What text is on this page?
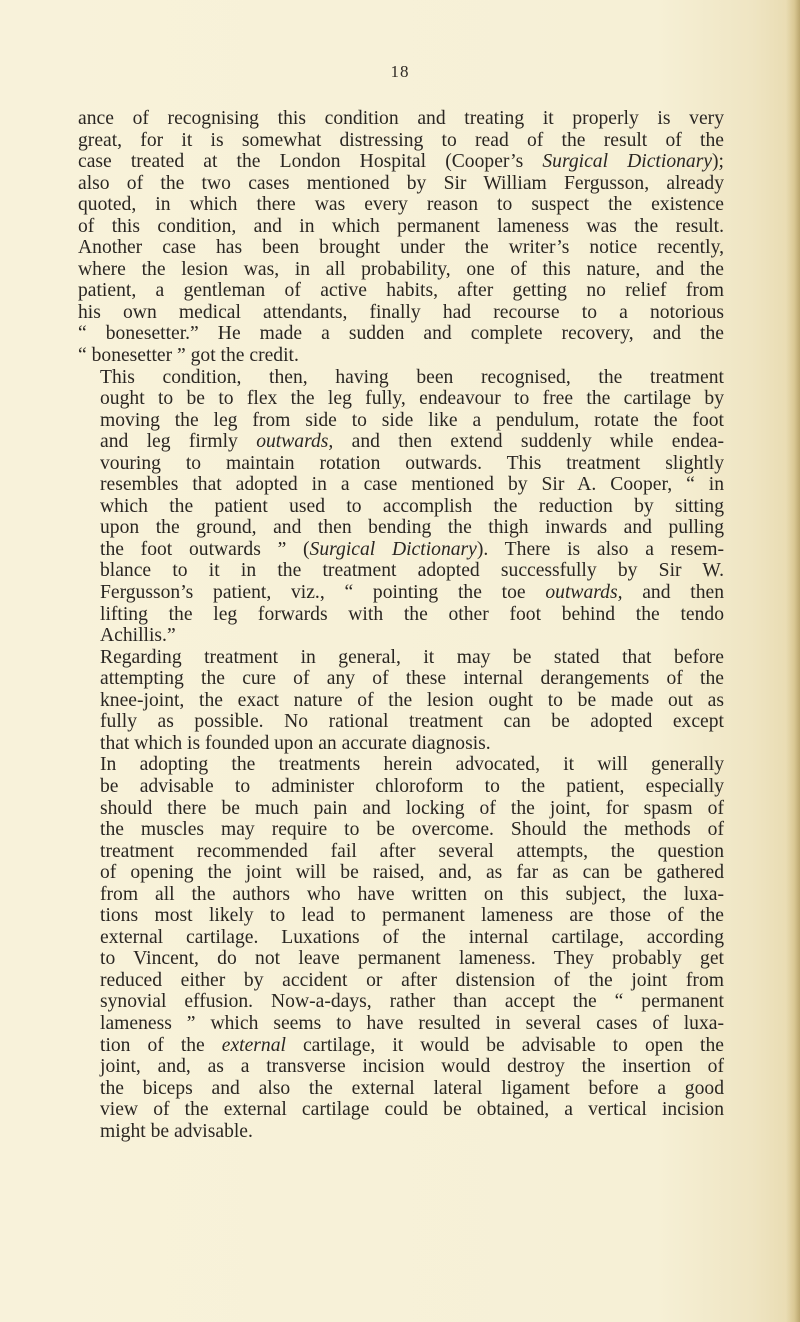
18

ance of recognising this condition and treating it properly is very
great, for it is somewhat distressing to read of the result of the
case treated at the London Hospital (Cooper’s Surgical Dictionary);
also of the two cases mentioned by Sir William Fergusson, already
quoted, in which there was every reason to suspect the existence
of this condition, and in which permanent lameness was the result.
Another case has been brought under the writer’s notice recently,
where the lesion was, in all probability, one of this nature, and the
patient, a gentleman of active habits, after getting no relief from
his own medical attendants, finally had recourse to a notorious
“ bonesetter.” He made a sudden and complete recovery, and the
“ bonesetter ” got the credit.

This condition, then, having been recognised, the treatment
ought to be to flex the leg fully, endeavour to free the cartilage by
moving the leg from side to side like a pendulum, rotate the foot
and leg firmly outwards, and then extend suddenly while endea-
vouring to maintain rotation outwards. This treatment slightly
resembles that adopted in a case mentioned by Sir A. Cooper, “ in
which the patient used to accomplish the reduction by sitting
upon the ground, and then bending the thigh inwards and pulling
the foot outwards ” (Surgical Dictionary). There is also a resem-
blance to it in the treatment adopted successfully by Sir W.
Fergusson’s patient, viz., “ pointing the toe outwards, and then
lifting the leg forwards with the other foot behind the tendo
Achillis.”

Regarding treatment in general, it may be stated that before
attempting the cure of any of these internal derangements of the
knee-joint, the exact nature of the lesion ought to be made out as
fully as possible. No rational treatment can be adopted except
that which is founded upon an accurate diagnosis.

In adopting the treatments herein advocated, it will generally
be advisable to administer chloroform to the patient, especially
should there be much pain and locking of the joint, for spasm of
the muscles may require to be overcome. Should the methods of
treatment recommended fail after several attempts, the question
of opening the joint will be raised, and, as far as can be gathered
from all the authors who have written on this subject, the luxa-
tions most likely to lead to permanent lameness are those of the
external cartilage. Luxations of the internal cartilage, according
to Vincent, do not leave permanent lameness. They probably get
reduced either by accident or after distension of the joint from
synovial effusion. Now-a-days, rather than accept the “ permanent
lameness ” which seems to have resulted in several cases of luxa-
tion of the external cartilage, it would be advisable to open the
joint, and, as a transverse incision would destroy the insertion of
the biceps and also the external lateral ligament before a good
view of the external cartilage could be obtained, a vertical incision
might be advisable.
